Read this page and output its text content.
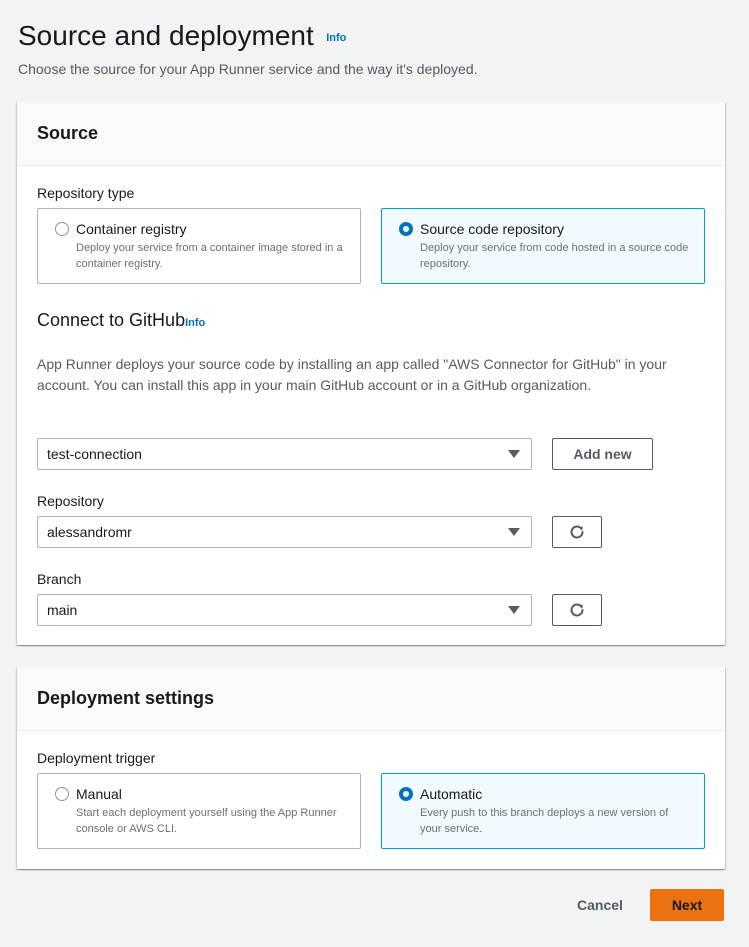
Source and deployment $^{Info}$

Choose the source for your App Runner service and the way it's deployed.

Source
Repository type
Container registry
Deploy your service from a container image stored in a container registry.
Source code repository
Deploy your service from code hosted in a source code repository.
Connect to GitHubInfo

App Runner deploys your source code by installing an app called "AWS Connector for GitHub" in your account. You can install this app in your main GitHub account or in a GitHub organization.

test-connection	Add new
Repository
alessandromr
Branch
main
Deployment settings
Deployment trigger
Manual
Start each deployment yourself using the App Runner console or AWS CLI.
Automatic
Every push to this branch deploys a new version of your service.
Cancel	Next
